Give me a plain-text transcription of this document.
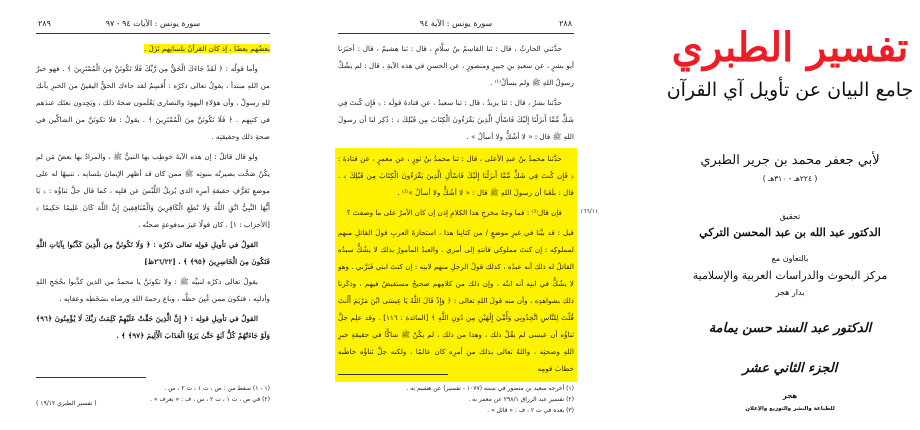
٢٨٩	سورة يونس : الآيات ٩٤ - ٩٧
بعضُهم بعضًا ، إذ كان القرآنُ بلسانِهم نَزَلَ .
وأما قولُه : ﴿ لَقَدْ جَاءَكَ الْحَقُّ مِن رَّبِّكَ فَلَا تَكُونَنَّ مِنَ الْمُمْتَرِينَ ﴾ . فهو خبرٌ من اللهِ مبتدأ ، يقولُ تعالى ذكرُه : أُقسِمُ لقد جاءك الحقُّ اليقينُ من الخبرِ بأنك للهِ رسولٌ ، وأن هؤلاءِ اليهودَ والنصارى يَعْلَمون صحةَ ذلك ، ويَجِدون نعتَك عندَهم في كتبِهم . ﴿ فَلَا تَكُونَنَّ مِنَ الْمُمْتَرِينَ ﴾ . يقولُ : فلا تكونَنَّ من الشاكِّين في صحةِ ذلك وحقيقتِه .
ولو قال قائلٌ : إن هذه الآيةَ خوطِب بها النبيُّ ﷺ ، والمرادُ بها بعضُ مَن لم يكُنْ صَحَّت بصيرتُه بنبوتِه ﷺ ممن كان قد أظهر الإيمانَ بلسانِه ، تنبيهًا له على موضعِ تَعَرُّفِ حقيقةِ أمرِه الذي يُزيلُ اللَّبْسَ عن قلبِه ، كما قال جلَّ ثناؤُه : ﴿ يَا أَيُّهَا النَّبِيُّ اتَّقِ اللَّهَ وَلَا تُطِعِ الْكَافِرِينَ وَالْمُنَافِقِينَ إِنَّ اللَّهَ كَانَ عَلِيمًا حَكِيمًا ﴾ [الأحزاب : ١] . كان قولًا غيرَ مدفوعةٍ صحتُه .
القولُ في تأويلِ قولِه تعالى ذكرُه : ﴿ وَلَا تَكُونَنَّ مِنَ الَّذِينَ كَذَّبُوا بِآيَاتِ اللَّهِ فَتَكُونَ مِنَ الْخَاسِرِينَ ﴿٩٥﴾ ﴾ . [٢٦/٢٢ظ]
يقولُ تعالى ذكرُه لنبيِّه ﷺ : ولا تكونَنَّ يا محمدُ من الذين كذَّبوا بحُجَجِ اللهِ وأدلتِه ، فتكونَ ممن غُبِنَ حظَّه ، وباع رحمةَ اللهِ ورضاه بسَخَطِه وعقابِه .
القولُ في تأويلِ قولِه : ﴿ إِنَّ الَّذِينَ حَقَّتْ عَلَيْهِمْ كَلِمَتُ رَبِّكَ لَا يُؤْمِنُونَ ﴿٩٦﴾ وَلَوْ جَاءَتْهُمْ كُلُّ آيَةٍ حَتَّىٰ يَرَوُا الْعَذَابَ الْأَلِيمَ ﴿٩٧﴾ ﴾ .
(١ - ١) سقط من : ص ، ت ١ ، ت ٢ ، س .
(٢) في ص ، ت ١ ، ت ٢ ، س ، ف : « يعرف » .
( تفسير الطبري ١٩/١٢ )
٢٨٨
سورة يونس : الآية ٩٤
حدَّثني الحارثُ ، قال : ثنا القاسمُ بنُ سلَّامٍ ، قال : ثنا هشيمٌ ، قال : أخبَرَنا أبو بشرٍ ، عن سعيدِ بنِ جبيرٍ ومنصورٍ ، عن الحسنِ في هذه الآيةِ ، قال : لم يشُكَّ رسولُ اللهِ ﷺ ولم يسألْ⁽¹⁾ .
حدَّثنا بشرٌ ، قال : ثنا يزيدُ ، قال : ثنا سعيدٌ ، عن قتادةَ قولَه : ﴿ فَإِن كُنتَ فِي شَكٍّ مِّمَّا أَنزَلْنَا إِلَيْكَ فَاسْأَلِ الَّذِينَ يَقْرَءُونَ الْكِتَابَ مِن قَبْلِكَ ﴾ : ذُكِر لنا أن رسولَ اللهِ ﷺ قال : « لا أشُكُّ ولا أسألُ » .
حدَّثنا محمدُ بنُ عبدِ الأعلى ، قال : ثنا محمدُ بنُ ثورٍ ، عن معمرٍ ، عن قتادةَ : ﴿ فَإِن كُنتَ فِي شَكٍّ مِّمَّا أَنزَلْنَا إِلَيْكَ فَاسْأَلِ الَّذِينَ يَقْرَءُونَ الْكِتَابَ مِن قَبْلِكَ ﴾ . قال : بلَغَنا أن رسولَ اللهِ ﷺ قال : « لا أشُكُّ ولا أسألُ »⁽²⁾ .
فإن قال⁽³⁾ : فما وجهُ مخرجِ هذا الكلامِ إذن إن كان الأمرُ على ما وصفتَ ؟
قيل : قد بيَّنا في غيرِ موضعٍ / من كتابِنا هذا ، استجازةَ العربِ قولَ القائلِ منهم لمملوكِه : إن كنتَ مملوكي فانتهِ إلى أمري . والعبدُ المأمورُ بذلك لا يشُكُّ سيدُه القائلُ له ذلك أنه عبدُه ، كذلك قولُ الرجلِ منهم لابنِه : إن كنتَ ابني فَبَرَّني . وهو لا يشُكُّ في ابنِه أنه ابنُه ، وإن ذلك من كلامِهم صحيحٌ مستفيضٌ فيهم ، وذكَرنا ذلك بشواهدِه ، وأن منه قولَ اللهِ تعالى : ﴿ وَإِذْ قَالَ اللَّهُ يَا عِيسَى ابْنَ مَرْيَمَ أَأَنتَ قُلْتَ لِلنَّاسِ اتَّخِذُونِي وَأُمِّيَ إِلَٰهَيْنِ مِن دُونِ اللَّهِ ﴾ [المائدة : ١١٦] . وقد علِم جلَّ ثناؤُه أن عيسى لم يقُلْ ذلك ، وهذا من ذلك ، لم يكُنْ ﷺ شاكًّا في حقيقةِ خبرِ اللهِ وصحتِه ، واللهُ تعالى بذلك من أمرِه كان عالمًا ، ولكنه جلَّ ثناؤُه خاطَبه خطابَ قومِه
(١) أخرجه سعيد بن منصور في سننه (١٠٧٧ - تفسير) عن هشيم به .
(٢) تفسير عبد الرزاق ٢٩٨/١ عن معمر به .
(٣) بعده في ت ٢ ، ف : « قائل » .
١٦٦/١١
تفسير الطبري
جامع البيان عن تأويل آي القرآن
لأبي جعفر محمد بن جرير الطبري
( ٢٢٤هـ - ٣١٠هـ )
تحقيق
الدكتور عبد الله بن عبد المحسن التركي
بالتعاون مع
مركز البحوث والدراسات العربية والإسلامية
بدار هجر
الدكتور عبد السند حسن يمامة
الجزء الثاني عشر
هجر
للطباعة والنشر والتوزيع والإعلان
